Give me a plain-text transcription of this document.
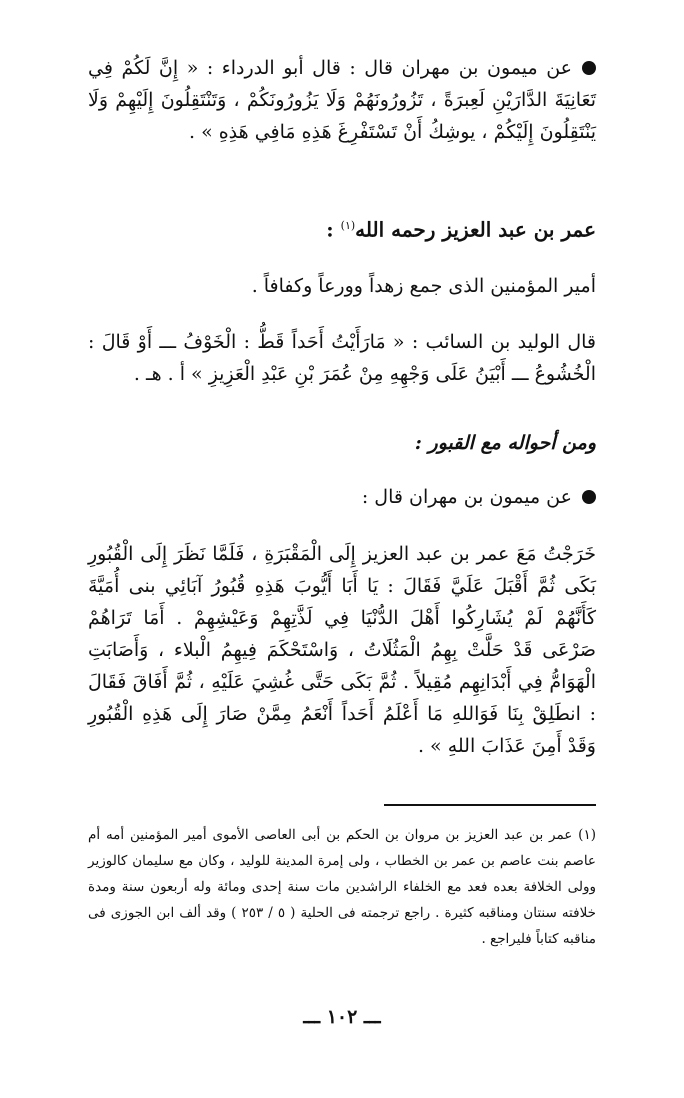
عن ميمون بن مهران قال : قال أبو الدرداء : « إِنَّ لَكُمْ فِي تَعَانِيَةَ الدَّارَيْنِ لَعِبرَةً ، تَزُورُونَهُمْ وَلَا يَزُورُونَكُمْ ، وَتَنْتَقِلُونَ إِلَيْهِمْ وَلَا يَنْتَقِلُونَ إِلَيْكُمْ ، يوشِكُ أَنْ تَسْتَفْرِغَ هَذِهِ مَافِي هَذِهِ » .

عمر بن عبد العزيز رحمه الله$^{(١)}$ :

أمير المؤمنين الذى جمع زهداً وورعاً وكفافاً .

قال الوليد بن السائب : « مَارَأَيْتُ أَحَداً قَطُّ : الْخَوْفُ ـــ أَوْ قَالَ : الْخُشُوعُ ـــ أَبْيَنُ عَلَى وَجْهِهِ مِنْ عُمَرَ بْنِ عَبْدِ الْعَزِيزِ » أ . هـ .

ومن أحواله مع القبور :

عن ميمون بن مهران قال :

خَرَجْتُ مَعَ عمر بن عبد العزيز إِلَى الْمَقْبَرَةِ ، فَلَمَّا نَظَرَ إِلَى الْقُبُورِ بَكَى ثُمَّ أَقْبَلَ عَلَيَّ فَقَالَ : يَا أَبَا أَيُّوبَ هَذِهِ قُبُورُ آبَائِي بنى أُمَيَّةَ كَأَنَّهُمْ لَمْ يُشَارِكُوا أَهْلَ الدُّنْيَا فِي لَذَّتِهِمْ وَعَيْشِهِمْ . أَمَا تَرَاهُمْ صَرْعَى قَدْ حَلَّتْ بِهِمُ الْمَثُلَاتُ ، وَاسْتَحْكَمَ فِيهِمُ الْبلاء ، وَأَصَابَتِ الْهَوَامُّ فِي أَبْدَانِهِم مُقِيلاً . ثُمَّ بَكَى حَتَّى غُشِيَ عَلَيْهِ ، ثُمَّ أَفَاقَ فَقَالَ : انطَلِقْ بِنَا فَوَاللهِ مَا أَعْلَمُ أَحَداً أَنْعَمُ مِمَّنْ صَارَ إِلَى هَذِهِ الْقُبُورِ وَقَدْ أَمِنَ عَذَابَ اللهِ » .

(١) عمر بن عبد العزيز بن مروان بن الحكم بن أبى العاصى الأموى أمير المؤمنين أمه أم عاصم بنت عاصم بن عمر بن الخطاب ، ولى إمرة المدينة للوليد ، وكان مع سليمان كالوزير وولى الخلافة بعده فعد مع الخلفاء الراشدين مات سنة إحدى ومائة وله أربعون سنة ومدة خلافته سنتان ومناقبه كثيرة . راجع ترجمته فى الحلية ( ٥ / ٢٥٣ ) وقد ألف ابن الجوزى فى مناقبه كتاباً فليراجع .

ـــ ١٠٢ ـــ
